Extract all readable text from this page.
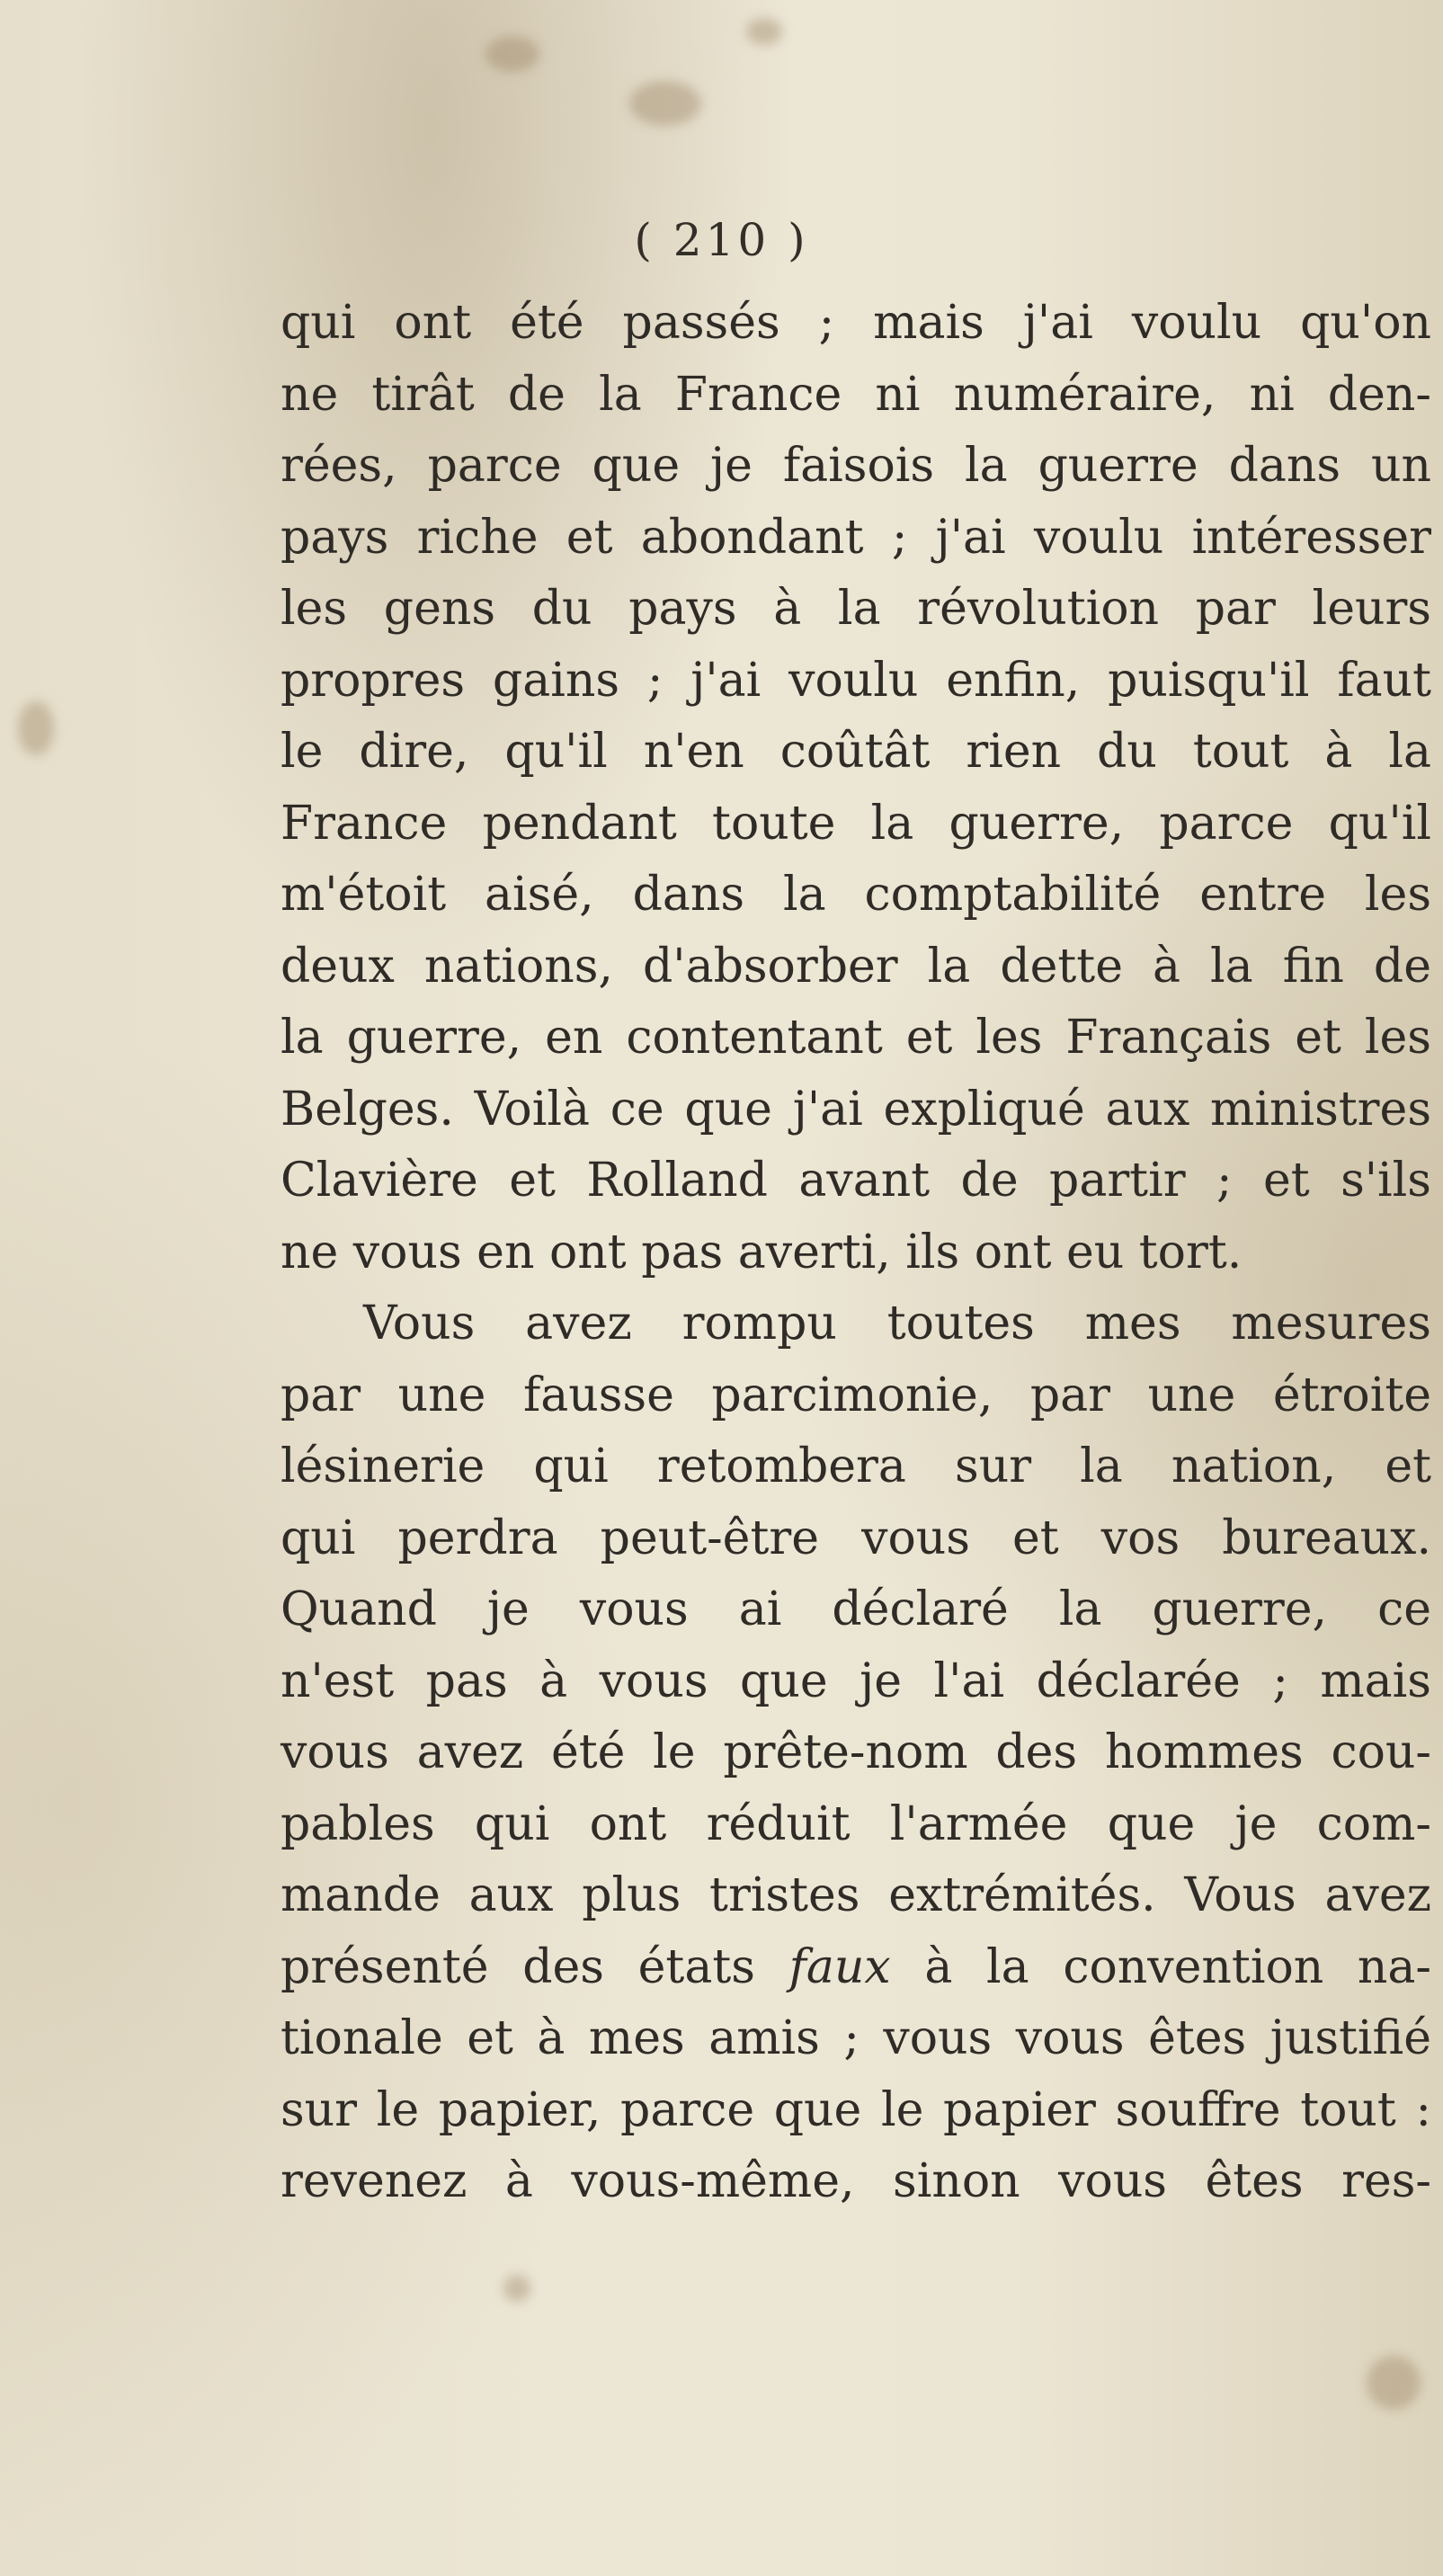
( 210 )
qui ont été passés ; mais j'ai voulu qu'on
ne tirât de la France ni numéraire, ni den-
rées, parce que je faisois la guerre dans un
pays riche et abondant ; j'ai voulu intéresser
les gens du pays à la révolution par leurs
propres gains ; j'ai voulu enfin, puisqu'il faut
le dire, qu'il n'en coûtât rien du tout à la
France pendant toute la guerre, parce qu'il
m'étoit aisé, dans la comptabilité entre les
deux nations, d'absorber la dette à la fin de
la guerre, en contentant et les Français et les
Belges. Voilà ce que j'ai expliqué aux ministres
Clavière et Rolland avant de partir ; et s'ils
ne vous en ont pas averti, ils ont eu tort.
Vous avez rompu toutes mes mesures
par une fausse parcimonie, par une étroite
lésinerie qui retombera sur la nation, et
qui perdra peut-être vous et vos bureaux.
Quand je vous ai déclaré la guerre, ce
n'est pas à vous que je l'ai déclarée ; mais
vous avez été le prête-nom des hommes cou-
pables qui ont réduit l'armée que je com-
mande aux plus tristes extrémités. Vous avez
présenté des états faux à la convention na-
tionale et à mes amis ; vous vous êtes justifié
sur le papier, parce que le papier souffre tout :
revenez à vous-même, sinon vous êtes res-
